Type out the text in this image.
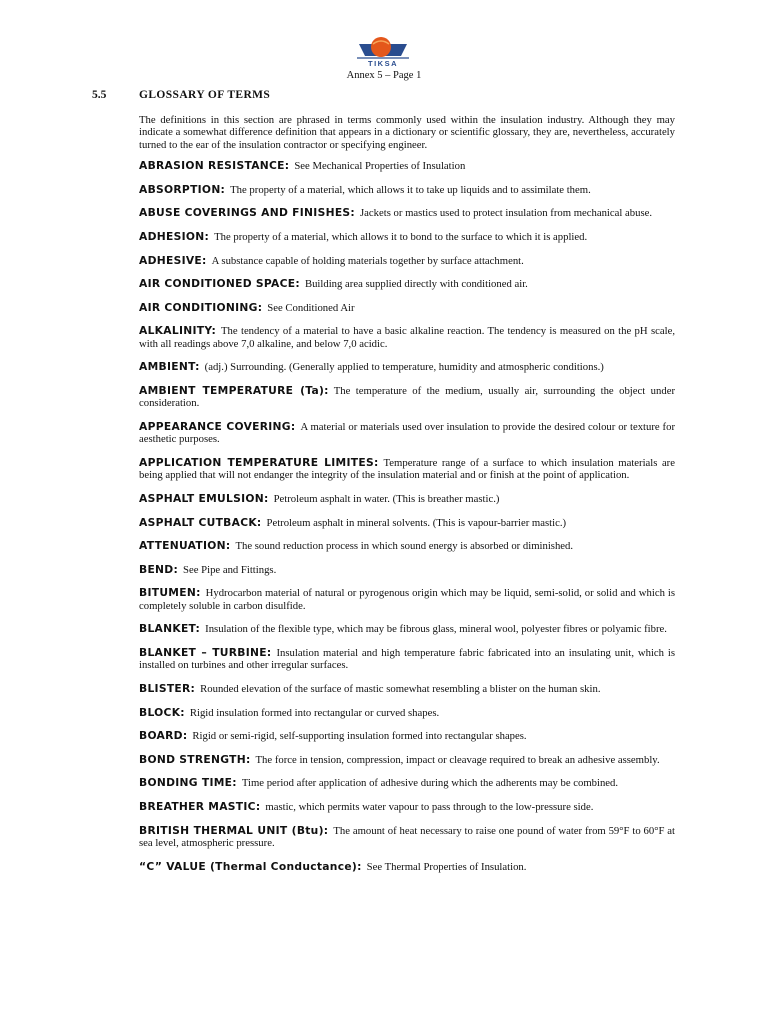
TIKSA
Annex 5 – Page 1
5.5	GLOSSARY OF TERMS

The definitions in this section are phrased in terms commonly used within the insulation industry. Although they may indicate a somewhat difference definition that appears in a dictionary or scientific glossary, they are, nevertheless, accurately turned to the ear of the insulation contractor or specifying engineer.

ABRASION RESISTANCE: See Mechanical Properties of Insulation

ABSORPTION: The property of a material, which allows it to take up liquids and to assimilate them.

ABUSE COVERINGS AND FINISHES: Jackets or mastics used to protect insulation from mechanical abuse.

ADHESION: The property of a material, which allows it to bond to the surface to which it is applied.

ADHESIVE: A substance capable of holding materials together by surface attachment.

AIR CONDITIONED SPACE: Building area supplied directly with conditioned air.

AIR CONDITIONING: See Conditioned Air

ALKALINITY: The tendency of a material to have a basic alkaline reaction. The tendency is measured on the pH scale, with all readings above 7,0 alkaline, and below 7,0 acidic.

AMBIENT: (adj.) Surrounding. (Generally applied to temperature, humidity and atmospheric conditions.)

AMBIENT TEMPERATURE (Ta): The temperature of the medium, usually air, surrounding the object under consideration.

APPEARANCE COVERING: A material or materials used over insulation to provide the desired colour or texture for aesthetic purposes.

APPLICATION TEMPERATURE LIMITES: Temperature range of a surface to which insulation materials are being applied that will not endanger the integrity of the insulation material and or finish at the point of application.

ASPHALT EMULSION: Petroleum asphalt in water. (This is breather mastic.)

ASPHALT CUTBACK: Petroleum asphalt in mineral solvents. (This is vapour-barrier mastic.)

ATTENUATION: The sound reduction process in which sound energy is absorbed or diminished.

BEND: See Pipe and Fittings.

BITUMEN: Hydrocarbon material of natural or pyrogenous origin which may be liquid, semi-solid, or solid and which is completely soluble in carbon disulfide.

BLANKET: Insulation of the flexible type, which may be fibrous glass, mineral wool, polyester fibres or polyamic fibre.

BLANKET – TURBINE: Insulation material and high temperature fabric fabricated into an insulating unit, which is installed on turbines and other irregular surfaces.

BLISTER: Rounded elevation of the surface of mastic somewhat resembling a blister on the human skin.

BLOCK: Rigid insulation formed into rectangular or curved shapes.

BOARD: Rigid or semi-rigid, self-supporting insulation formed into rectangular shapes.

BOND STRENGTH: The force in tension, compression, impact or cleavage required to break an adhesive assembly.

BONDING TIME: Time period after application of adhesive during which the adherents may be combined.

BREATHER MASTIC: mastic, which permits water vapour to pass through to the low-pressure side.

BRITISH THERMAL UNIT (Btu): The amount of heat necessary to raise one pound of water from 59°F to 60°F at sea level, atmospheric pressure.

“C” VALUE (Thermal Conductance): See Thermal Properties of Insulation.
